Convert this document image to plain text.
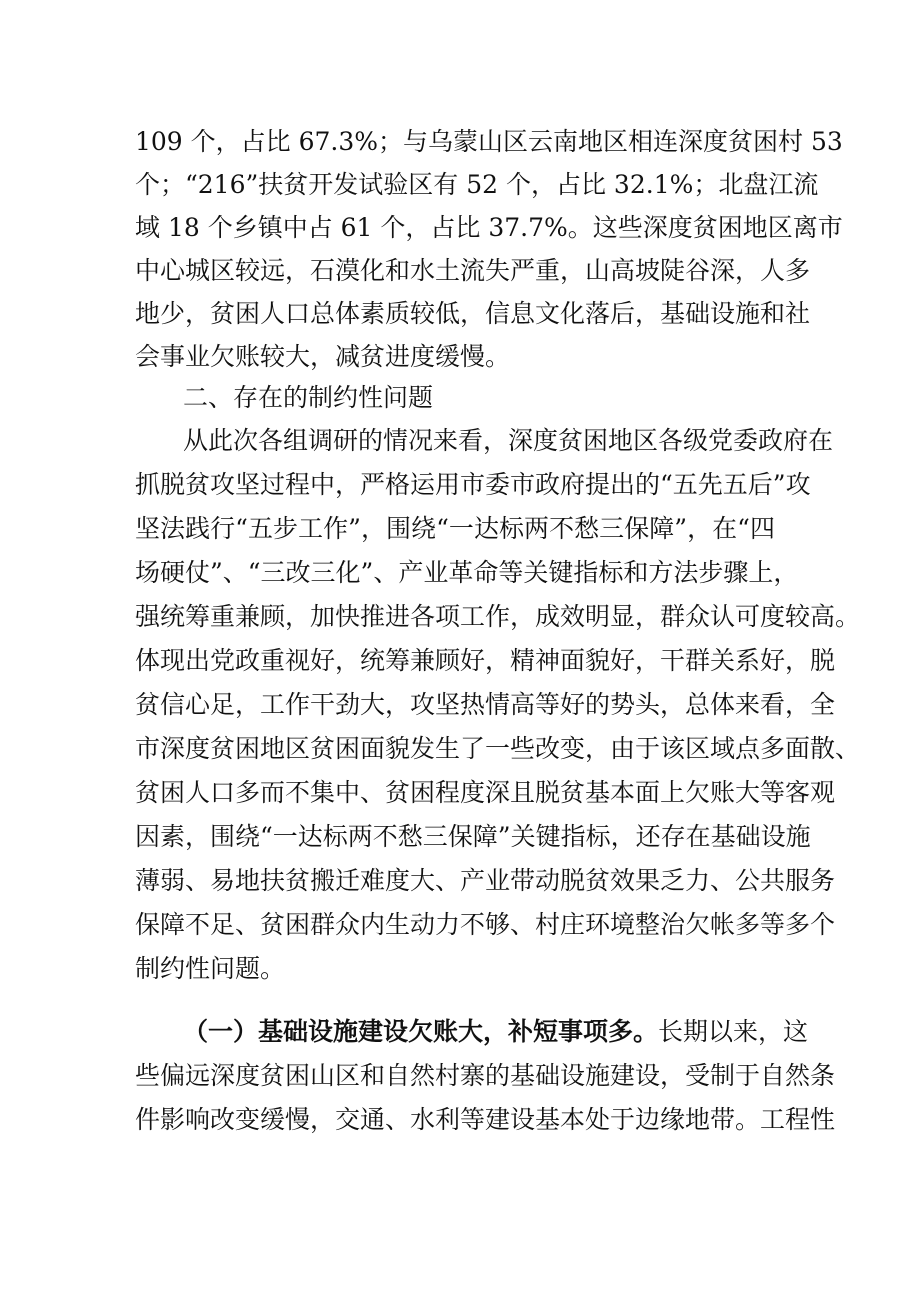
109 个，占比 67.3%；与乌蒙山区云南地区相连深度贫困村 53
个；“216”扶贫开发试验区有 52 个，占比 32.1%；北盘江流
域 18 个乡镇中占 61 个，占比 37.7%。这些深度贫困地区离市
中心城区较远，石漠化和水土流失严重，山高坡陡谷深，人多
地少，贫困人口总体素质较低，信息文化落后，基础设施和社
会事业欠账较大，减贫进度缓慢。
二、存在的制约性问题
从此次各组调研的情况来看，深度贫困地区各级党委政府在
抓脱贫攻坚过程中，严格运用市委市政府提出的“五先五后”攻
坚法践行“五步工作”，围绕“一达标两不愁三保障”，在“四
场硬仗”、“三改三化”、产业革命等关键指标和方法步骤上，
强统筹重兼顾，加快推进各项工作，成效明显，群众认可度较高。
体现出党政重视好，统筹兼顾好，精神面貌好，干群关系好，脱
贫信心足，工作干劲大，攻坚热情高等好的势头，总体来看，全
市深度贫困地区贫困面貌发生了一些改变，由于该区域点多面散、
贫困人口多而不集中、贫困程度深且脱贫基本面上欠账大等客观
因素，围绕“一达标两不愁三保障”关键指标，还存在基础设施
薄弱、易地扶贫搬迁难度大、产业带动脱贫效果乏力、公共服务
保障不足、贫困群众内生动力不够、村庄环境整治欠帐多等多个
制约性问题。
（一）基础设施建设欠账大，补短事项多。长期以来，这
些偏远深度贫困山区和自然村寨的基础设施建设，受制于自然条
件影响改变缓慢，交通、水利等建设基本处于边缘地带。工程性
